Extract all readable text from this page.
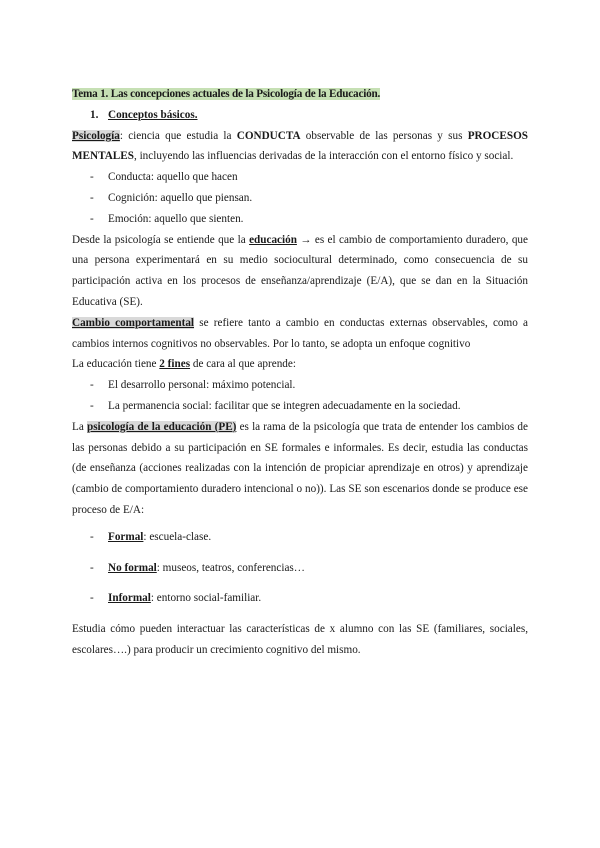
Tema 1. Las concepciones actuales de la Psicología de la Educación.
1. Conceptos básicos.

Psicología: ciencia que estudia la CONDUCTA observable de las personas y sus PROCESOS MENTALES, incluyendo las influencias derivadas de la interacción con el entorno físico y social.

- Conducta: aquello que hacen
- Cognición: aquello que piensan.
- Emoción: aquello que sienten.

Desde la psicología se entiende que la educación → es el cambio de comportamiento duradero, que una persona experimentará en su medio sociocultural determinado, como consecuencia de su participación activa en los procesos de enseñanza/aprendizaje (E/A), que se dan en la Situación Educativa (SE).

Cambio comportamental se refiere tanto a cambio en conductas externas observables, como a cambios internos cognitivos no observables. Por lo tanto, se adopta un enfoque cognitivo

La educación tiene 2 fines de cara al que aprende:

- El desarrollo personal: máximo potencial.
- La permanencia social: facilitar que se integren adecuadamente en la sociedad.

La psicología de la educación (PE) es la rama de la psicología que trata de entender los cambios de las personas debido a su participación en SE formales e informales. Es decir, estudia las conductas (de enseñanza (acciones realizadas con la intención de propiciar aprendizaje en otros) y aprendizaje (cambio de comportamiento duradero intencional o no)). Las SE son escenarios donde se produce ese proceso de E/A:

- Formal: escuela-clase.
- No formal: museos, teatros, conferencias…
- Informal: entorno social-familiar.

Estudia cómo pueden interactuar las características de x alumno con las SE (familiares, sociales, escolares….) para producir un crecimiento cognitivo del mismo.
